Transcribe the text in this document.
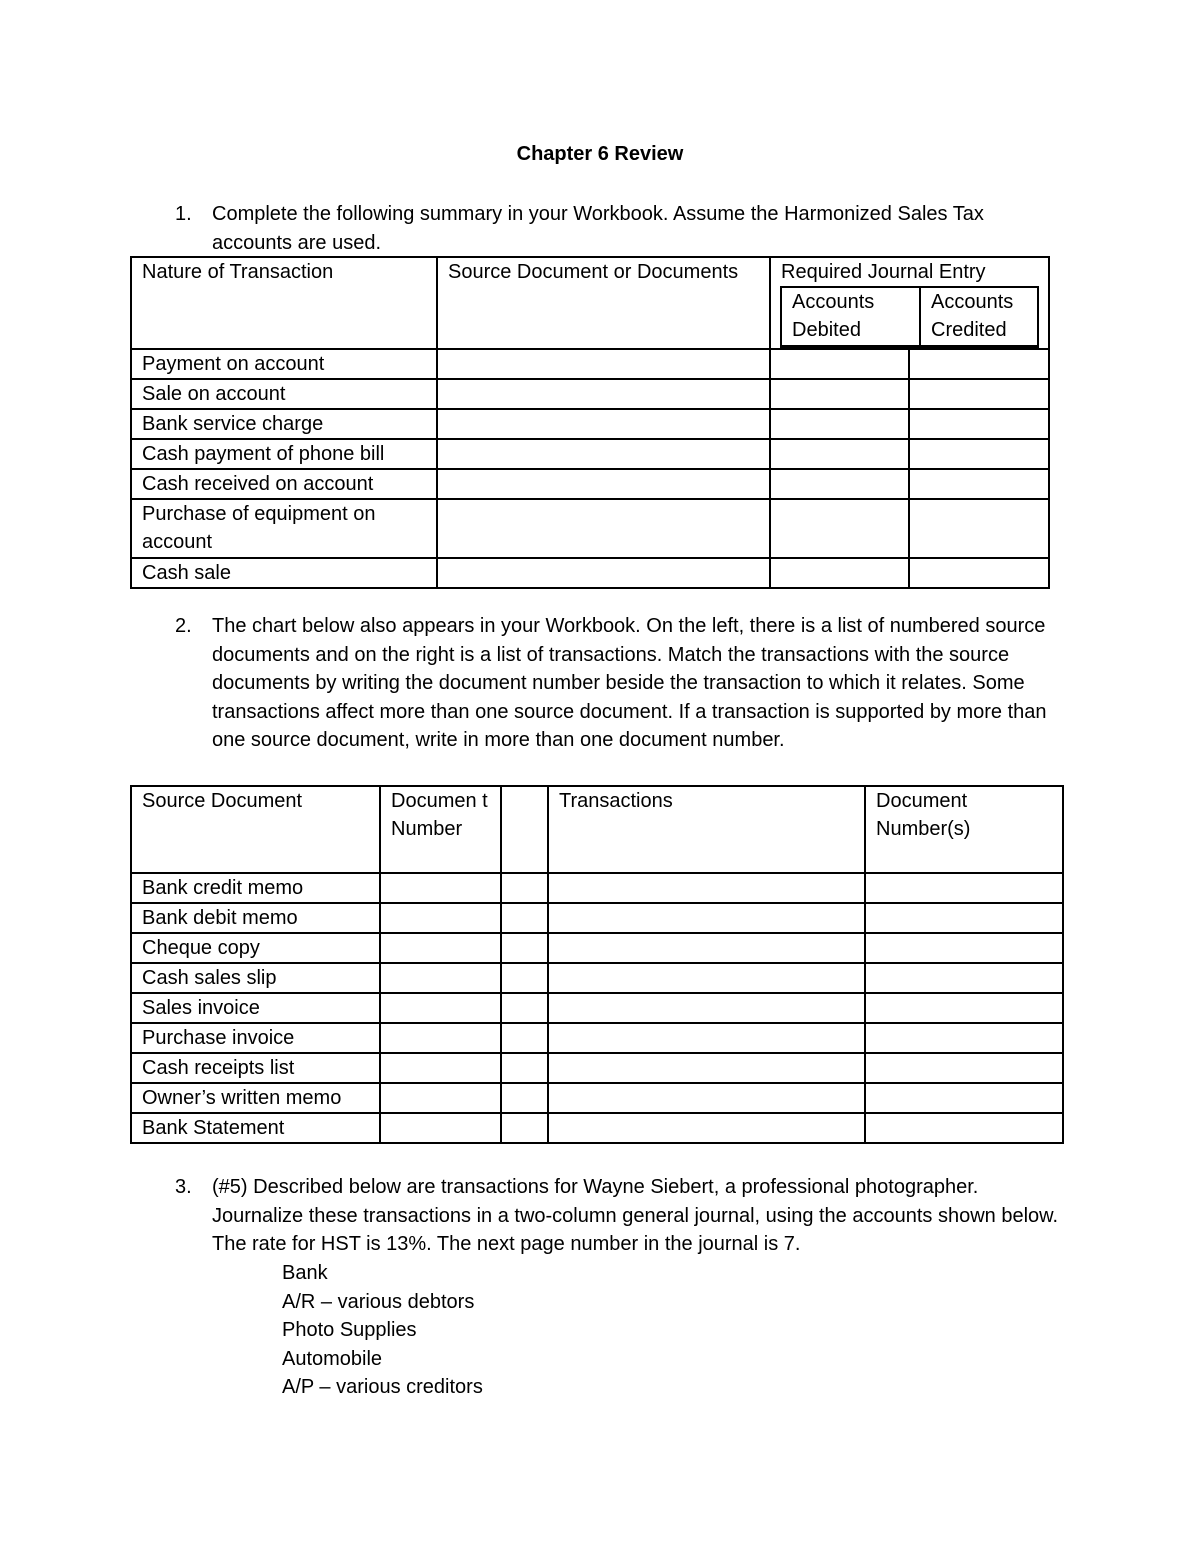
Chapter 6 Review
1. Complete the following summary in your Workbook. Assume the Harmonized Sales Tax accounts are used.
Nature of Transaction	Source Document or Documents	Required Journal Entry
Accounts Debited
Accounts Credited	

Payment on account			
Sale on account			
Bank service charge			
Cash payment of phone bill			
Cash received on account			
Purchase of equipment on account			
Cash sale			
2. The chart below also appears in your Workbook. On the left, there is a list of numbered source documents and on the right is a list of transactions. Match the transactions with the source documents by writing the document number beside the transaction to which it relates. Some transactions affect more than one source document. If a transaction is supported by more than one source document, write in more than one document number.
Source Document	Documen t Number		Transactions	Document Number(s)
Bank credit memo				
Bank debit memo				
Cheque copy				
Cash sales slip				
Sales invoice				
Purchase invoice				
Cash receipts list				
Owner’s written memo				
Bank Statement				
3. (#5) Described below are transactions for Wayne Siebert, a professional photographer. Journalize these transactions in a two-column general journal, using the accounts shown below. The rate for HST is 13%. The next page number in the journal is 7.
Bank
A/R – various debtors
Photo Supplies
Automobile
A/P – various creditors
